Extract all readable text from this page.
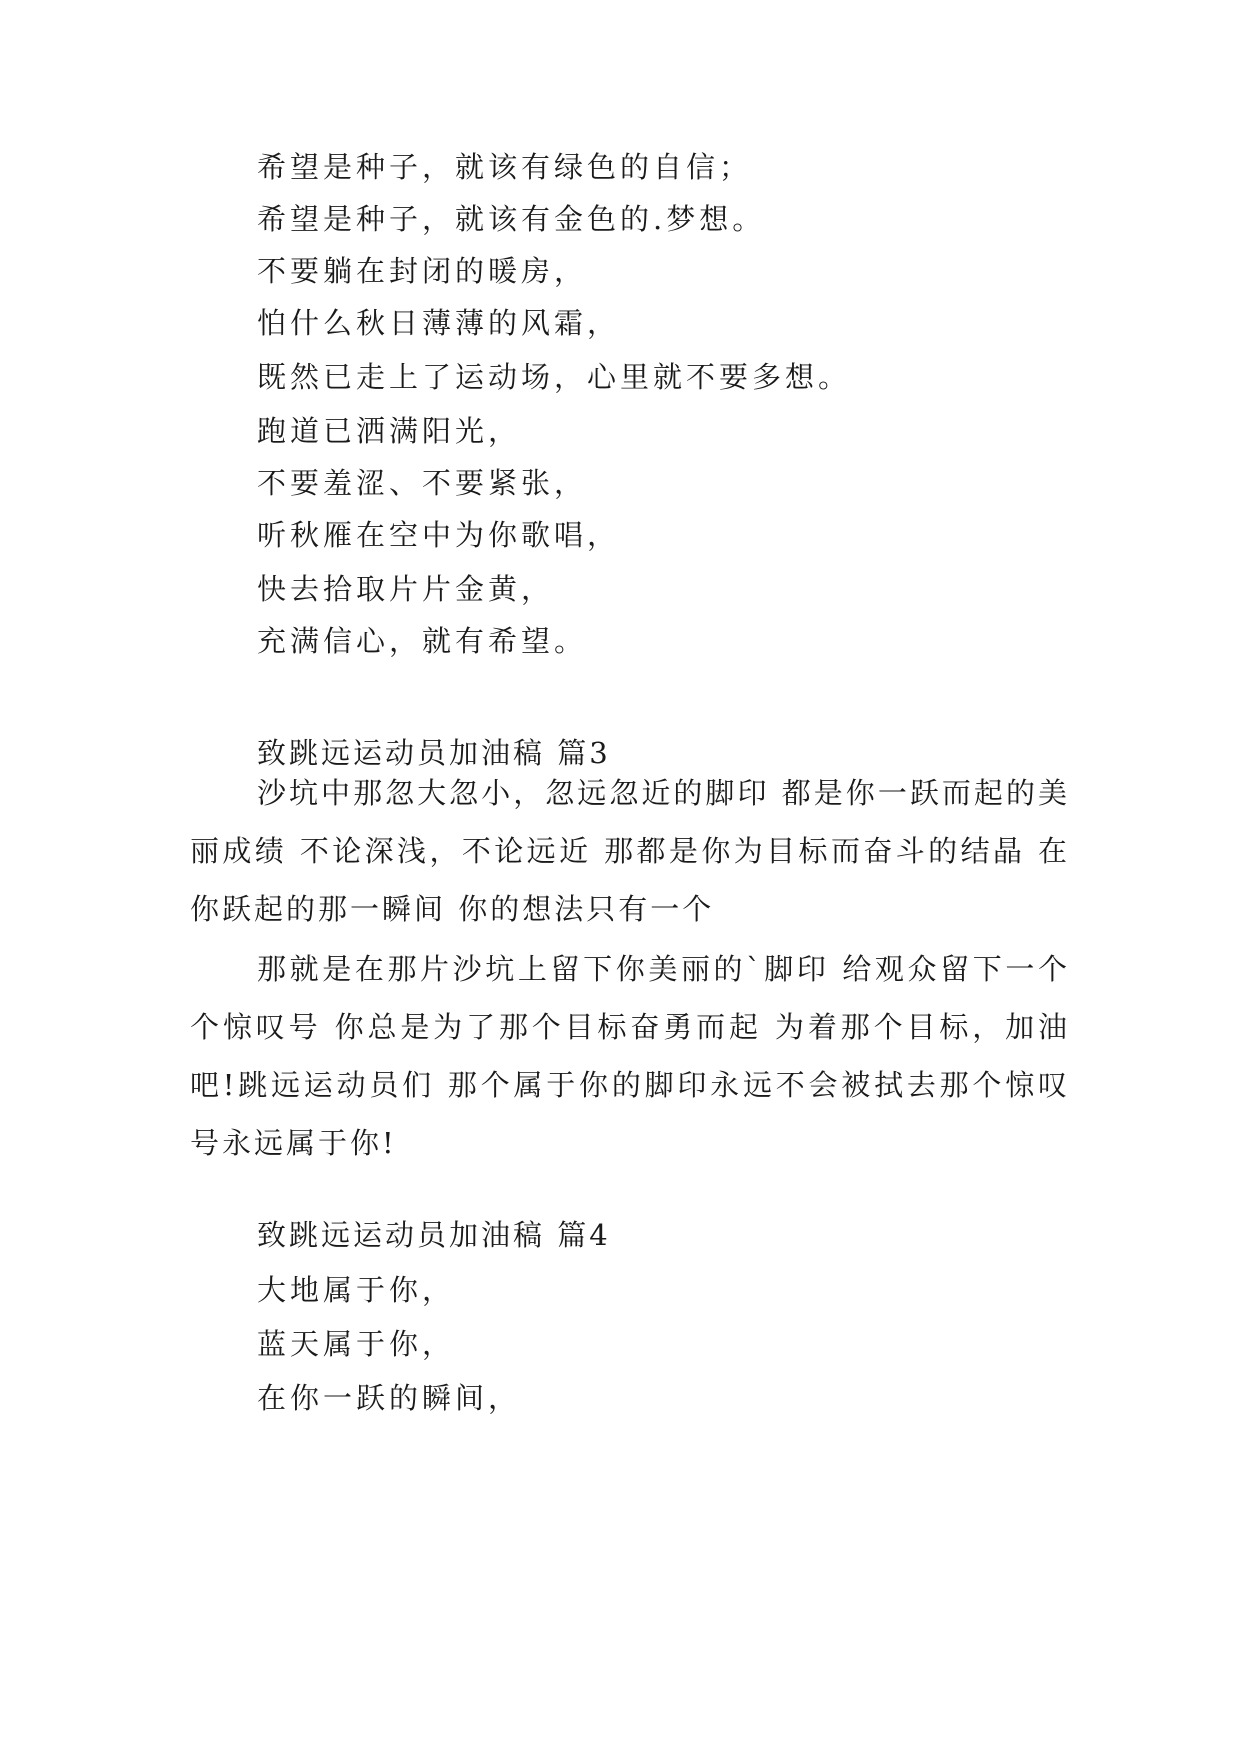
希望是种子，就该有绿色的自信；
希望是种子，就该有金色的.梦想。
不要躺在封闭的暖房，
怕什么秋日薄薄的风霜，
既然已走上了运动场，心里就不要多想。
跑道已洒满阳光，
不要羞涩、不要紧张，
听秋雁在空中为你歌唱，
快去拾取片片金黄，
充满信心，就有希望。
致跳远运动员加油稿 篇3

沙坑中那忽大忽小，忽远忽近的脚印 都是你一跃而起的美丽成绩 不论深浅，不论远近 那都是你为目标而奋斗的结晶 在你跃起的那一瞬间 你的想法只有一个

那就是在那片沙坑上留下你美丽的`脚印 给观众留下一个个惊叹号 你总是为了那个目标奋勇而起 为着那个目标，加油吧!跳远运动员们 那个属于你的脚印永远不会被拭去那个惊叹号永远属于你!

致跳远运动员加油稿 篇4
大地属于你，
蓝天属于你，
在你一跃的瞬间，
